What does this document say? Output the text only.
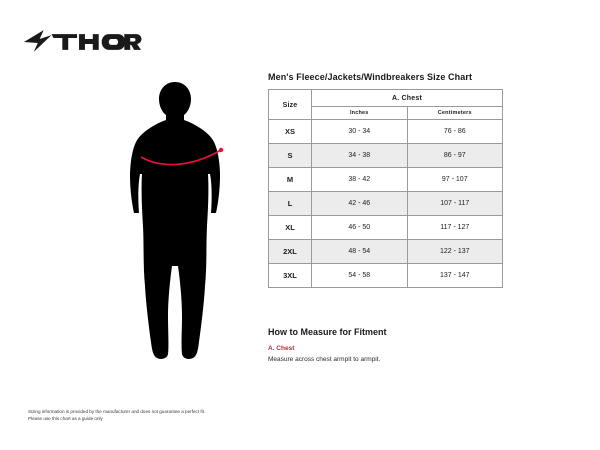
A.
Men's Fleece/Jackets/Windbreakers Size Chart
Size	A. Chest	
	Inches	Centimeters
XS	30 - 34	76 - 86
S	34 - 38	86 - 97
M	38 - 42	97 - 107
L	42 - 46	107 - 117
XL	46 - 50	117 - 127
2XL	48 - 54	122 - 137
3XL	54 - 58	137 - 147
How to Measure for Fitment
A. Chest
Measure across chest armpit to armpit.
Sizing information is provided by the manufacturer and does not guarantee a perfect fit.
Please use this chart as a guide only
